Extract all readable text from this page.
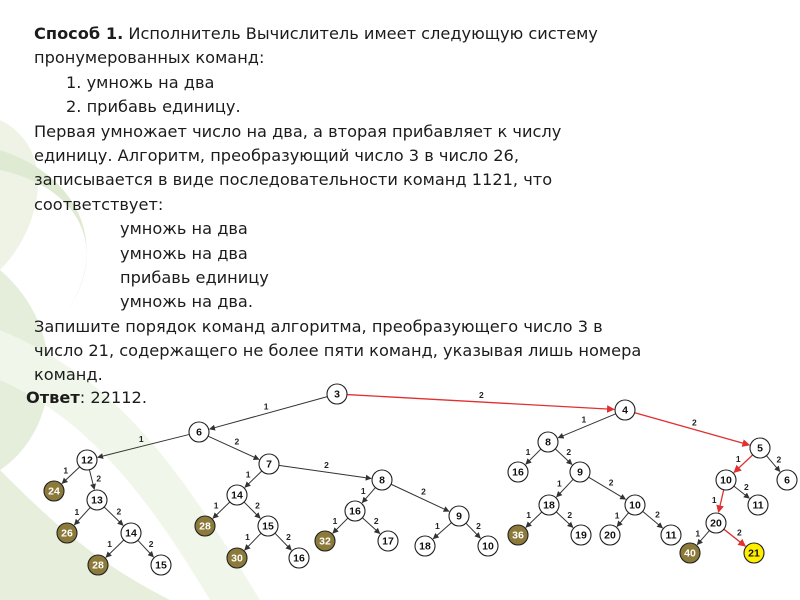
Способ 1. Исполнитель Вычислитель имеет следующую систему
пронумерованных команд:
1. умножь на два
2. прибавь единицу.
Первая умножает число на два, а вторая прибавляет к числу
единицу. Алгоритм, преобразующий число 3 в число 26,
записывается в виде последовательности команд 1121, что
соответствует:
умножь на два
умножь на два
прибавь единицу
умножь на два.
Запишите порядок команд алгоритма, преобразующего число 3 в
число 21, содержащего не более пяти команд, указывая лишь номера
команд.
Ответ: 22112.	1
2
1	2
1
2
1	2
1	2
1
2
1	2
1	2
1	2
1	2	1	2
1	2
1	2
1	2
1	2	1	2
1	2
2
1
1	2
3
6
4
12	7
24
13
26	14
28	15
14
8
28	15
30	16
16	9
32	17 18	10
8	5
16	9
18	10
36	19 20	11
10	6
11
20
40	21
